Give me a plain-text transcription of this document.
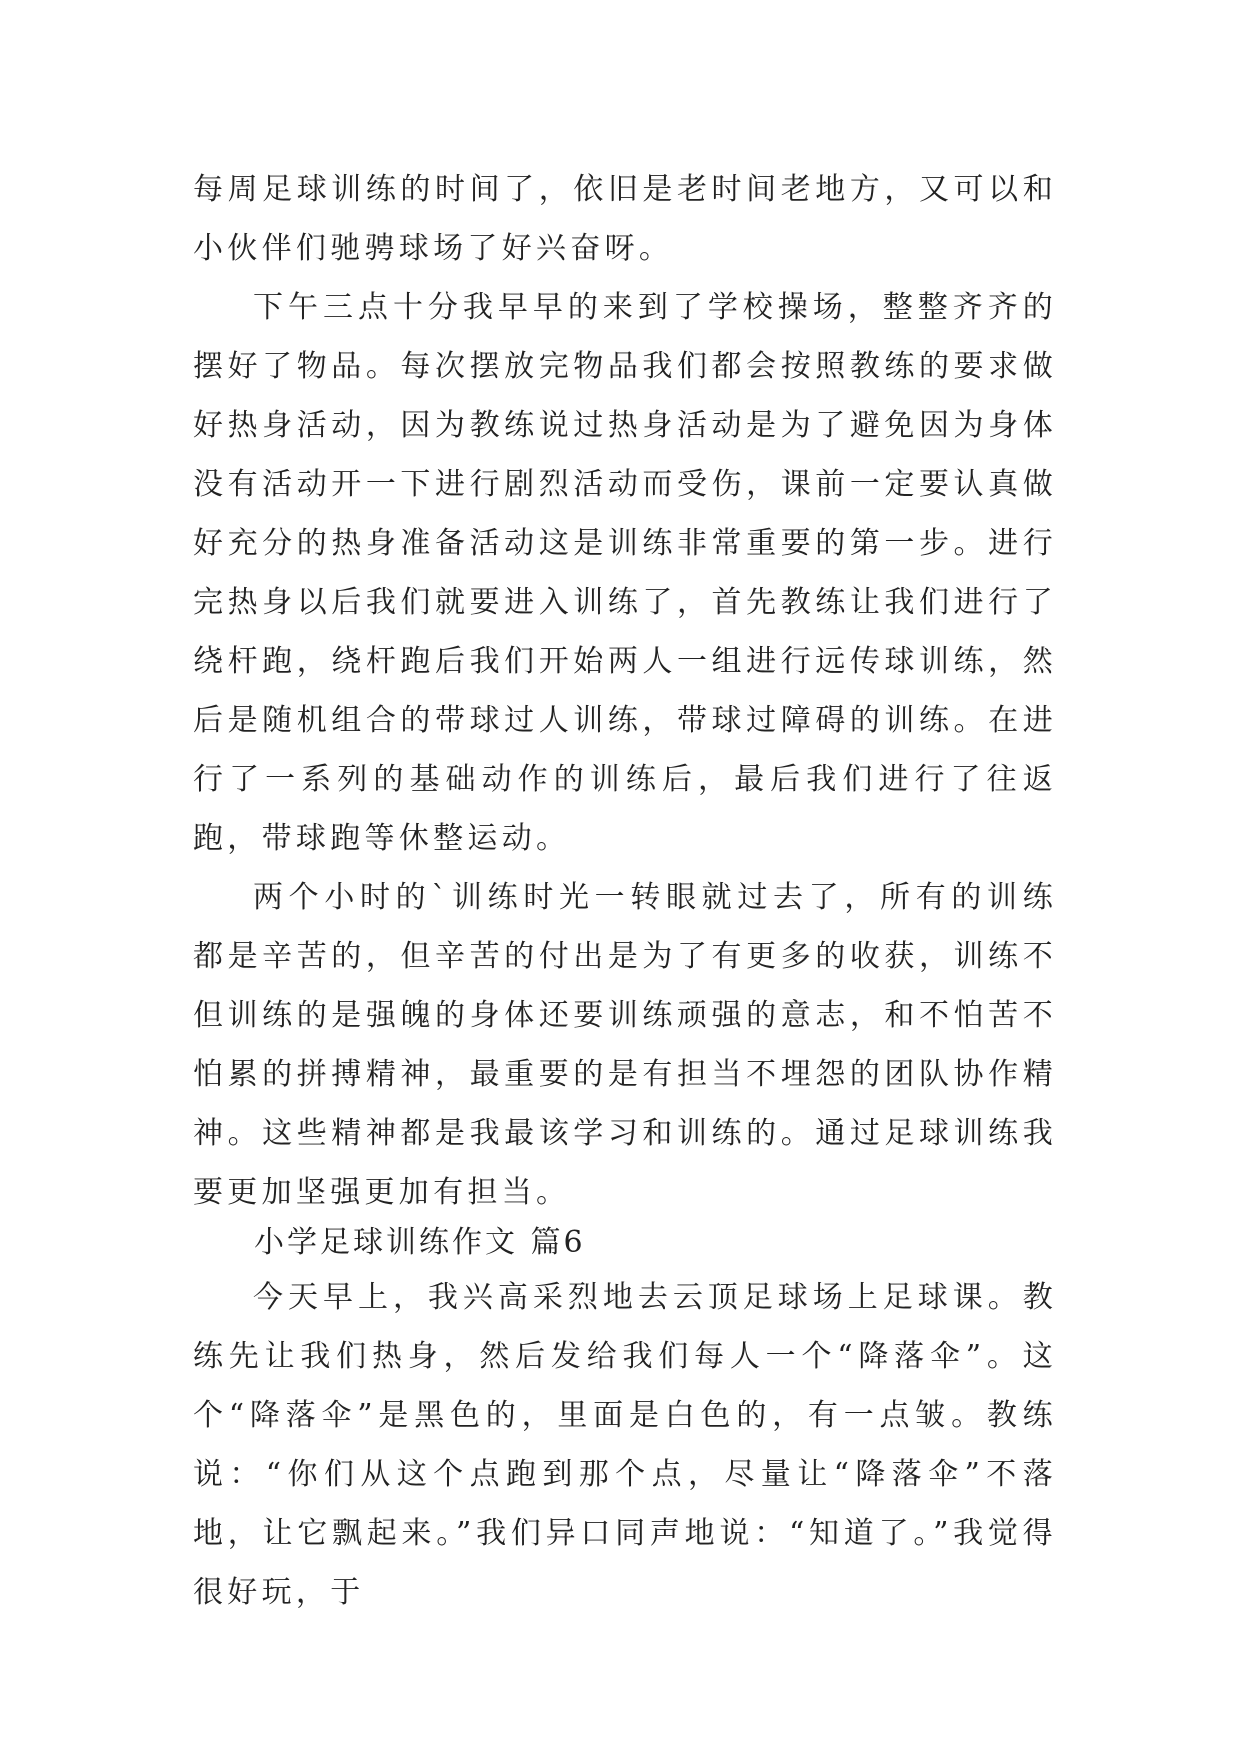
每周足球训练的时间了，依旧是老时间老地方，又可以和小伙伴们驰骋球场了好兴奋呀。

下午三点十分我早早的来到了学校操场，整整齐齐的摆好了物品。每次摆放完物品我们都会按照教练的要求做好热身活动，因为教练说过热身活动是为了避免因为身体没有活动开一下进行剧烈活动而受伤，课前一定要认真做好充分的热身准备活动这是训练非常重要的第一步。进行完热身以后我们就要进入训练了，首先教练让我们进行了绕杆跑，绕杆跑后我们开始两人一组进行远传球训练，然后是随机组合的带球过人训练，带球过障碍的训练。在进行了一系列的基础动作的训练后，最后我们进行了往返跑，带球跑等休整运动。

两个小时的`训练时光一转眼就过去了，所有的训练都是辛苦的，但辛苦的付出是为了有更多的收获，训练不但训练的是强魄的身体还要训练顽强的意志，和不怕苦不怕累的拼搏精神，最重要的是有担当不埋怨的团队协作精神。这些精神都是我最该学习和训练的。通过足球训练我要更加坚强更加有担当。

小学足球训练作文 篇6

今天早上，我兴高采烈地去云顶足球场上足球课。教练先让我们热身，然后发给我们每人一个“降落伞”。这个“降落伞”是黑色的，里面是白色的，有一点皱。教练说：“你们从这个点跑到那个点，尽量让“降落伞”不落地，让它飘起来。”我们异口同声地说：“知道了。”我觉得很好玩，于
